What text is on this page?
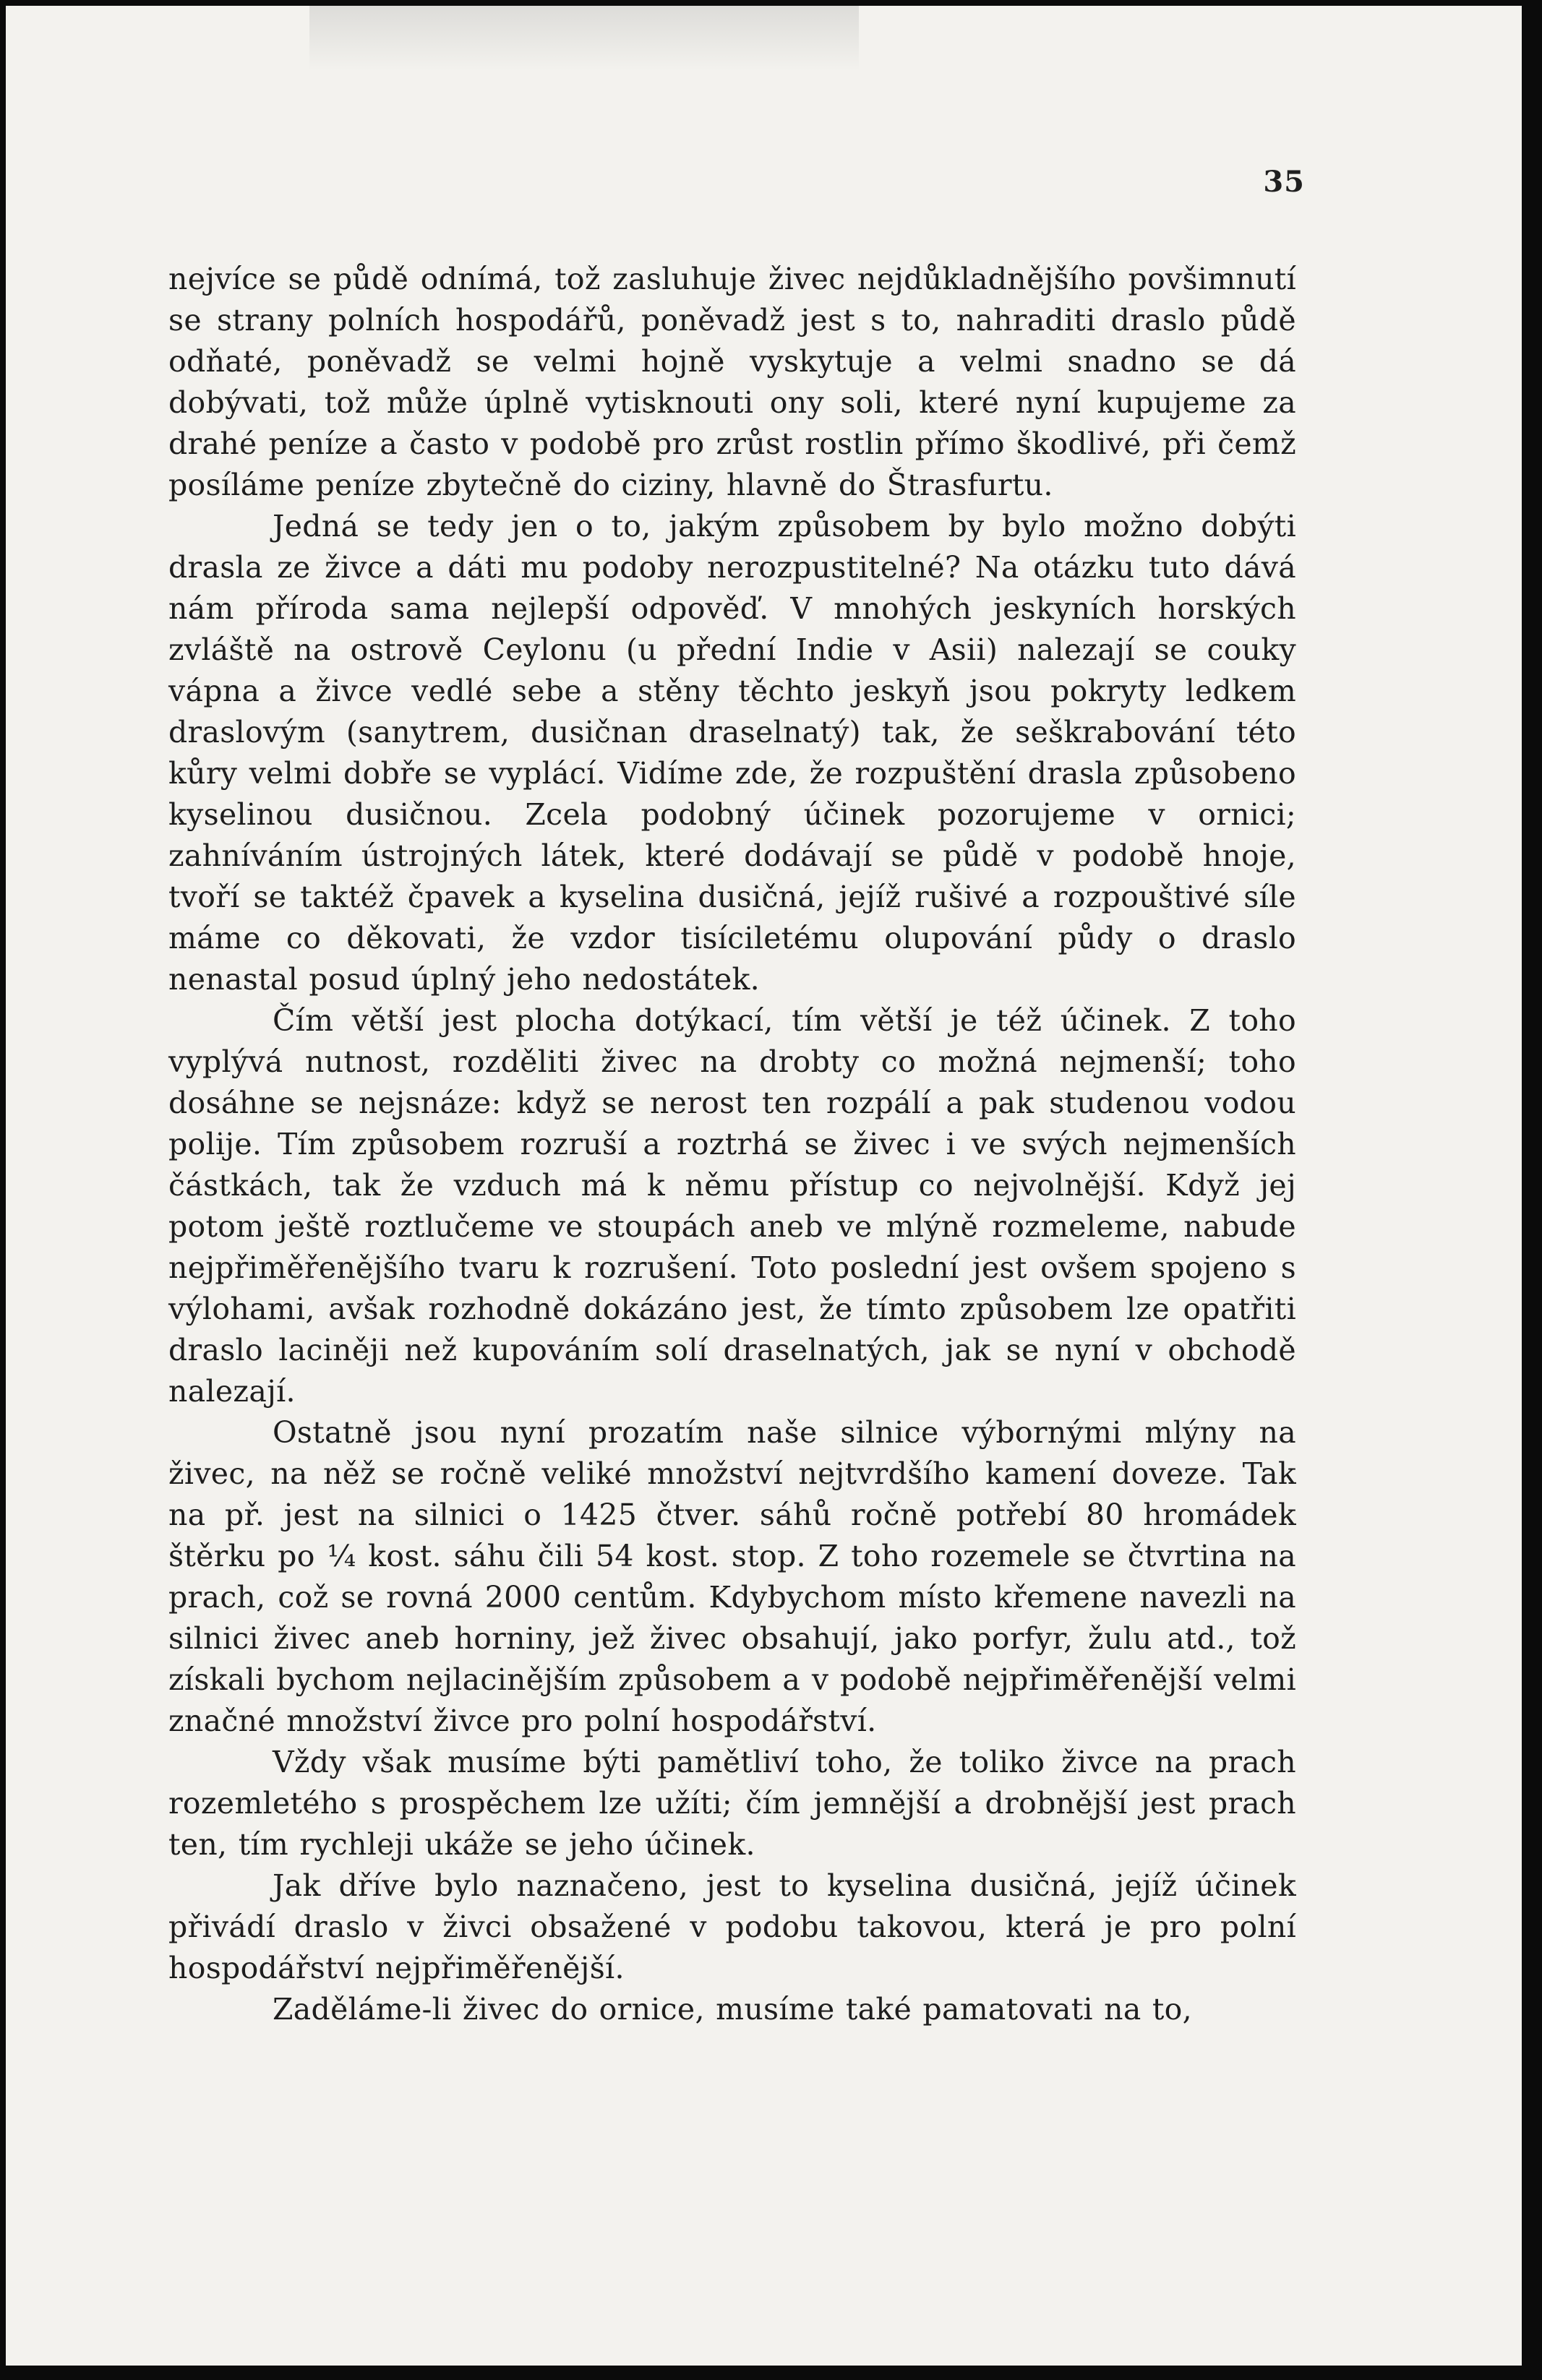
35

nejvíce se půdě odnímá, tož zasluhuje živec nejdůkladnějšího povšimnutí se strany polních hospodářů, poněvadž jest s to, nahraditi draslo půdě odňaté, poněvadž se velmi hojně vyskytuje a velmi snadno se dá dobývati, tož může úplně vytisknouti ony soli, které nyní kupujeme za drahé peníze a často v podobě pro zrůst rostlin přímo škodlivé, při čemž posíláme peníze zbytečně do ciziny, hlavně do Štrasfurtu.

Jedná se tedy jen o to, jakým způsobem by bylo možno dobýti drasla ze živce a dáti mu podoby nerozpustitelné? Na otázku tuto dává nám příroda sama nejlepší odpověď. V mnohých jeskyních horských zvláště na ostrově Ceylonu (u přední Indie v Asii) nalezají se couky vápna a živce vedlé sebe a stěny těchto jeskyň jsou pokryty ledkem draslovým (sanytrem, dusičnan draselnatý) tak, že seškrabování této kůry velmi dobře se vyplácí. Vidíme zde, že rozpuštění drasla způsobeno kyselinou dusičnou. Zcela podobný účinek pozorujeme v ornici; zahníváním ústrojných látek, které dodávají se půdě v podobě hnoje, tvoří se taktéž čpavek a kyselina dusičná, jejíž rušivé a rozpouštivé síle máme co děkovati, že vzdor tisíciletému olupování půdy o draslo nenastal posud úplný jeho nedostátek.

Čím větší jest plocha dotýkací, tím větší je též účinek. Z toho vyplývá nutnost, rozděliti živec na drobty co možná nejmenší; toho dosáhne se nejsnáze: když se nerost ten rozpálí a pak studenou vodou polije. Tím způsobem rozruší a roztrhá se živec i ve svých nejmenších částkách, tak že vzduch má k němu přístup co nejvolnější. Když jej potom ještě roztlučeme ve stoupách aneb ve mlýně rozmeleme, nabude nejpřiměřenějšího tvaru k rozrušení. Toto poslední jest ovšem spojeno s výlohami, avšak rozhodně dokázáno jest, že tímto způsobem lze opatřiti draslo laciněji než kupováním solí draselnatých, jak se nyní v obchodě nalezají.

Ostatně jsou nyní prozatím naše silnice výbornými mlýny na živec, na něž se ročně veliké množství nejtvrdšího kamení doveze. Tak na př. jest na silnici o 1425 čtver. sáhů ročně potřebí 80 hromádek štěrku po ¼ kost. sáhu čili 54 kost. stop. Z toho rozemele se čtvrtina na prach, což se rovná 2000 centům. Kdybychom místo křemene navezli na silnici živec aneb horniny, jež živec obsahují, jako porfyr, žulu atd., tož získali bychom nejlacinějším způsobem a v podobě nejpřiměřenější velmi značné množství živce pro polní hospodářství.

Vždy však musíme býti pamětliví toho, že toliko živce na prach rozemletého s prospěchem lze užíti; čím jemnější a drobnější jest prach ten, tím rychleji ukáže se jeho účinek.

Jak dříve bylo naznačeno, jest to kyselina dusičná, jejíž účinek přivádí draslo v živci obsažené v podobu takovou, která je pro polní hospodářství nejpřiměřenější.

Zaděláme-li živec do ornice, musíme také pamatovati na to,
